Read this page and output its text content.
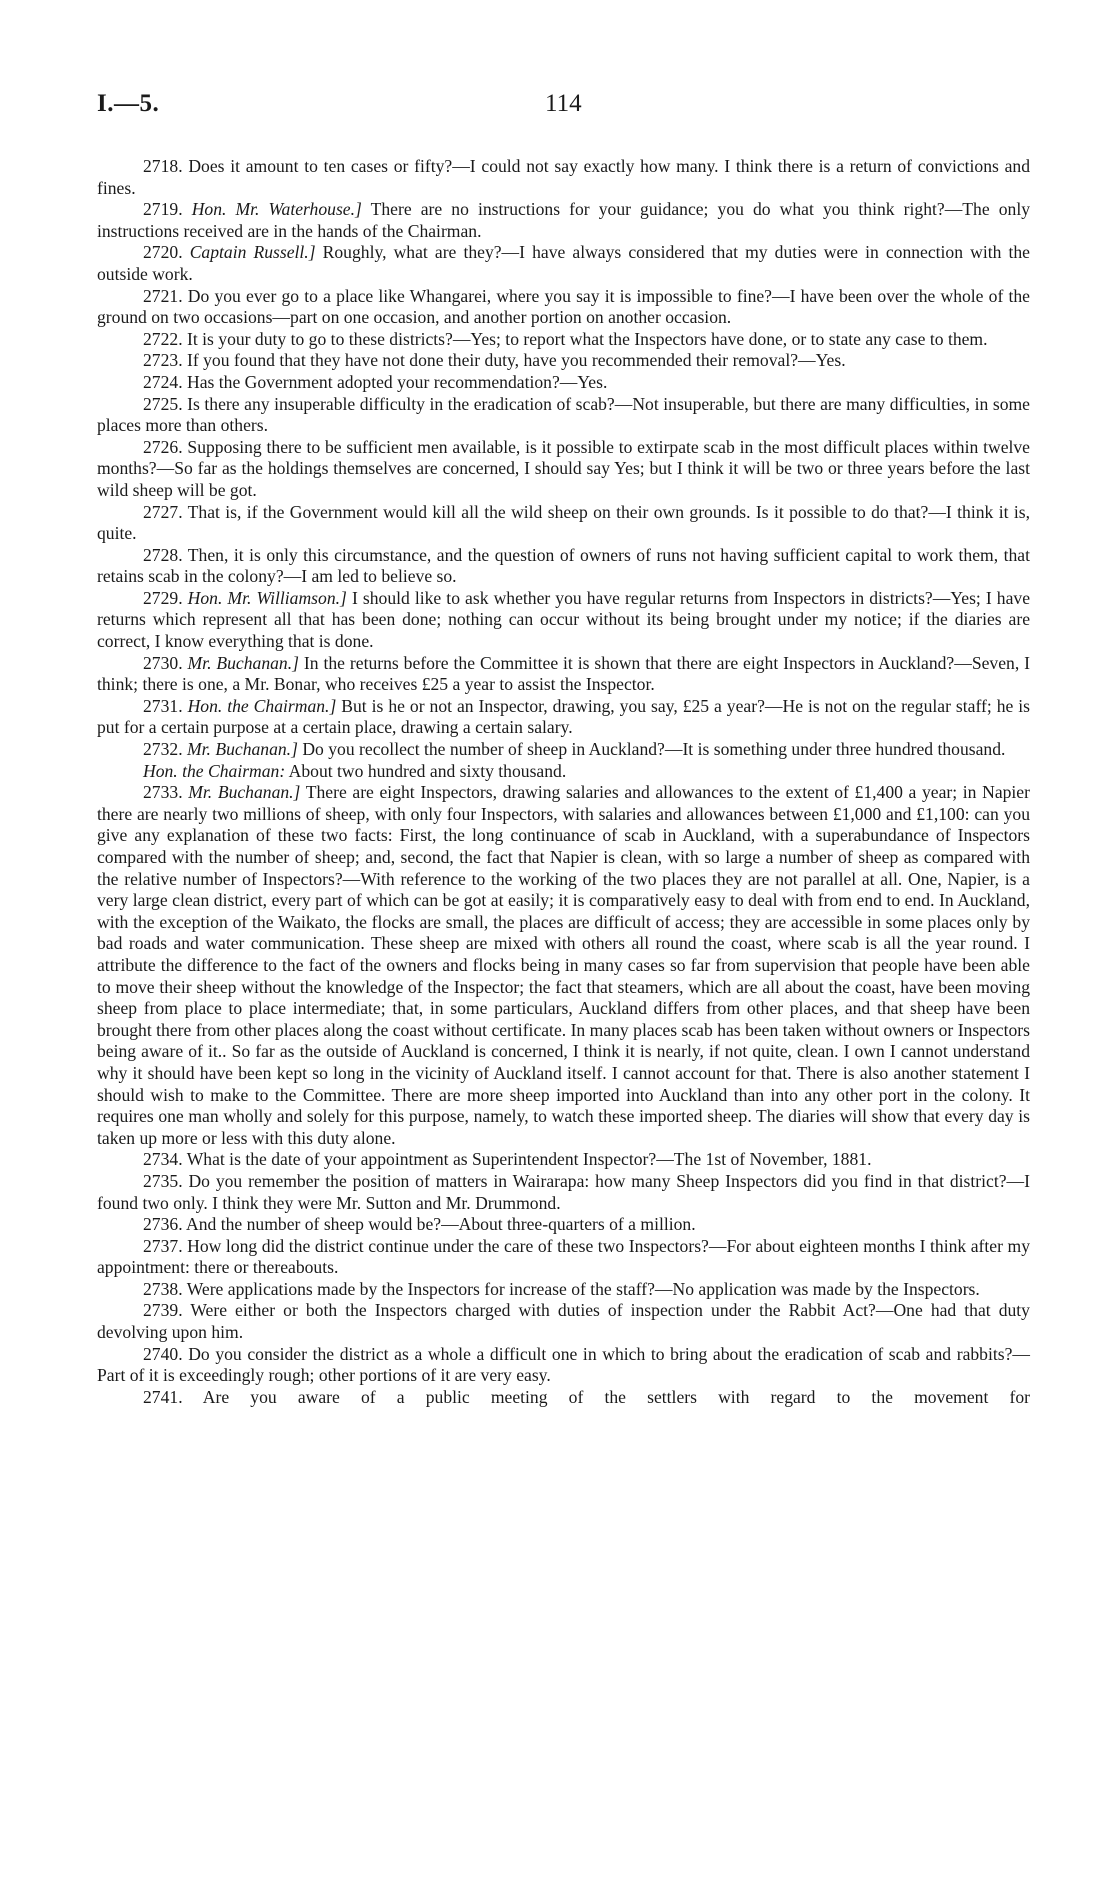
I.—5.	114

2718. Does it amount to ten cases or fifty?—I could not say exactly how many. I think there is a return of convictions and fines.

2719. Hon. Mr. Waterhouse.] There are no instructions for your guidance; you do what you think right?—The only instructions received are in the hands of the Chairman.

2720. Captain Russell.] Roughly, what are they?—I have always considered that my duties were in connection with the outside work.

2721. Do you ever go to a place like Whangarei, where you say it is impossible to fine?—I have been over the whole of the ground on two occasions—part on one occasion, and another portion on another occasion.

2722. It is your duty to go to these districts?—Yes; to report what the Inspectors have done, or to state any case to them.

2723. If you found that they have not done their duty, have you recommended their removal?—Yes.

2724. Has the Government adopted your recommendation?—Yes.

2725. Is there any insuperable difficulty in the eradication of scab?—Not insuperable, but there are many difficulties, in some places more than others.

2726. Supposing there to be sufficient men available, is it possible to extirpate scab in the most difficult places within twelve months?—So far as the holdings themselves are concerned, I should say Yes; but I think it will be two or three years before the last wild sheep will be got.

2727. That is, if the Government would kill all the wild sheep on their own grounds. Is it possible to do that?—I think it is, quite.

2728. Then, it is only this circumstance, and the question of owners of runs not having sufficient capital to work them, that retains scab in the colony?—I am led to believe so.

2729. Hon. Mr. Williamson.] I should like to ask whether you have regular returns from Inspectors in districts?—Yes; I have returns which represent all that has been done; nothing can occur without its being brought under my notice; if the diaries are correct, I know everything that is done.

2730. Mr. Buchanan.] In the returns before the Committee it is shown that there are eight Inspectors in Auckland?—Seven, I think; there is one, a Mr. Bonar, who receives £25 a year to assist the Inspector.

2731. Hon. the Chairman.] But is he or not an Inspector, drawing, you say, £25 a year?—He is not on the regular staff; he is put for a certain purpose at a certain place, drawing a certain salary.

2732. Mr. Buchanan.] Do you recollect the number of sheep in Auckland?—It is something under three hundred thousand.

Hon. the Chairman: About two hundred and sixty thousand.

2733. Mr. Buchanan.] There are eight Inspectors, drawing salaries and allowances to the extent of £1,400 a year; in Napier there are nearly two millions of sheep, with only four Inspectors, with salaries and allowances between £1,000 and £1,100: can you give any explanation of these two facts: First, the long continuance of scab in Auckland, with a superabundance of Inspectors compared with the number of sheep; and, second, the fact that Napier is clean, with so large a number of sheep as compared with the relative number of Inspectors?—With reference to the working of the two places they are not parallel at all. One, Napier, is a very large clean district, every part of which can be got at easily; it is comparatively easy to deal with from end to end. In Auckland, with the exception of the Waikato, the flocks are small, the places are difficult of access; they are accessible in some places only by bad roads and water communication. These sheep are mixed with others all round the coast, where scab is all the year round. I attribute the difference to the fact of the owners and flocks being in many cases so far from supervision that people have been able to move their sheep without the knowledge of the Inspector; the fact that steamers, which are all about the coast, have been moving sheep from place to place intermediate; that, in some particulars, Auckland differs from other places, and that sheep have been brought there from other places along the coast without certificate. In many places scab has been taken without owners or Inspectors being aware of it.. So far as the outside of Auckland is concerned, I think it is nearly, if not quite, clean. I own I cannot understand why it should have been kept so long in the vicinity of Auckland itself. I cannot account for that. There is also another statement I should wish to make to the Committee. There are more sheep imported into Auckland than into any other port in the colony. It requires one man wholly and solely for this purpose, namely, to watch these imported sheep. The diaries will show that every day is taken up more or less with this duty alone.

2734. What is the date of your appointment as Superintendent Inspector?—The 1st of November, 1881.

2735. Do you remember the position of matters in Wairarapa: how many Sheep Inspectors did you find in that district?—I found two only. I think they were Mr. Sutton and Mr. Drummond.

2736. And the number of sheep would be?—About three-quarters of a million.

2737. How long did the district continue under the care of these two Inspectors?—For about eighteen months I think after my appointment: there or thereabouts.

2738. Were applications made by the Inspectors for increase of the staff?—No application was made by the Inspectors.

2739. Were either or both the Inspectors charged with duties of inspection under the Rabbit Act?—One had that duty devolving upon him.

2740. Do you consider the district as a whole a difficult one in which to bring about the eradication of scab and rabbits?—Part of it is exceedingly rough; other portions of it are very easy.

2741. Are you aware of a public meeting of the settlers with regard to the movement for
